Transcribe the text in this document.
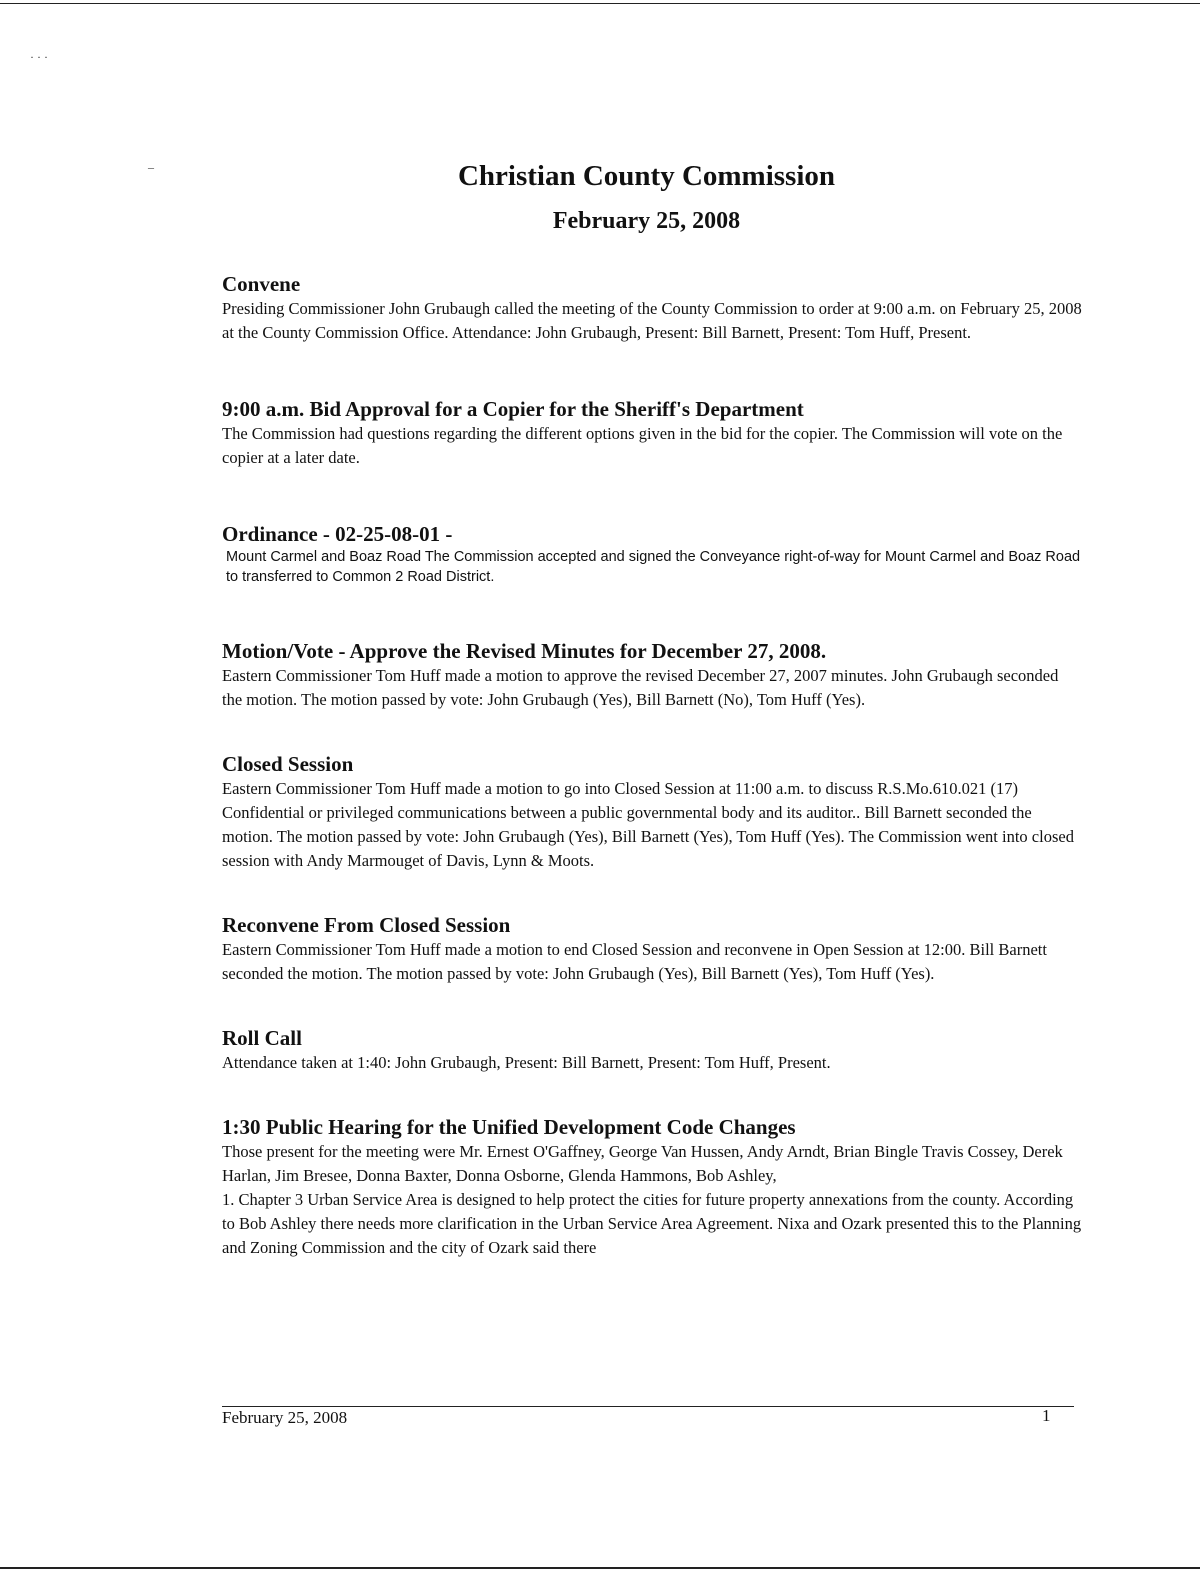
· · ·
–	Christian County Commission
February 25, 2008
Convene

Presiding Commissioner John Grubaugh called the meeting of the County Commission to order at 9:00 a.m. on February 25, 2008 at the County Commission Office. Attendance: John Grubaugh, Present: Bill Barnett, Present: Tom Huff, Present.

9:00 a.m. Bid Approval for a Copier for the Sheriff's Department

The Commission had questions regarding the different options given in the bid for the copier. The Commission will vote on the copier at a later date.

Ordinance - 02-25-08-01 -

Mount Carmel and Boaz Road The Commission accepted and signed the Conveyance right-of-way for Mount Carmel and Boaz Road to transferred to Common 2 Road District.

Motion/Vote - Approve the Revised Minutes for December 27, 2008.

Eastern Commissioner Tom Huff made a motion to approve the revised December 27, 2007 minutes. John Grubaugh seconded the motion. The motion passed by vote: John Grubaugh (Yes), Bill Barnett (No), Tom Huff (Yes).

Closed Session

Eastern Commissioner Tom Huff made a motion to go into Closed Session at 11:00 a.m. to discuss R.S.Mo.610.021 (17) Confidential or privileged communications between a public governmental body and its auditor.. Bill Barnett seconded the motion. The motion passed by vote: John Grubaugh (Yes), Bill Barnett (Yes), Tom Huff (Yes). The Commission went into closed session with Andy Marmouget of Davis, Lynn & Moots.

Reconvene From Closed Session

Eastern Commissioner Tom Huff made a motion to end Closed Session and reconvene in Open Session at 12:00. Bill Barnett seconded the motion. The motion passed by vote: John Grubaugh (Yes), Bill Barnett (Yes), Tom Huff (Yes).

Roll Call

Attendance taken at 1:40: John Grubaugh, Present: Bill Barnett, Present: Tom Huff, Present.

1:30 Public Hearing for the Unified Development Code Changes

Those present for the meeting were Mr. Ernest O'Gaffney, George Van Hussen, Andy Arndt, Brian Bingle Travis Cossey, Derek Harlan, Jim Bresee, Donna Baxter, Donna Osborne, Glenda Hammons, Bob Ashley,

1. Chapter 3 Urban Service Area is designed to help protect the cities for future property annexations from the county. According to Bob Ashley there needs more clarification in the Urban Service Area Agreement. Nixa and Ozark presented this to the Planning and Zoning Commission and the city of Ozark said there

February 25, 2008	1
